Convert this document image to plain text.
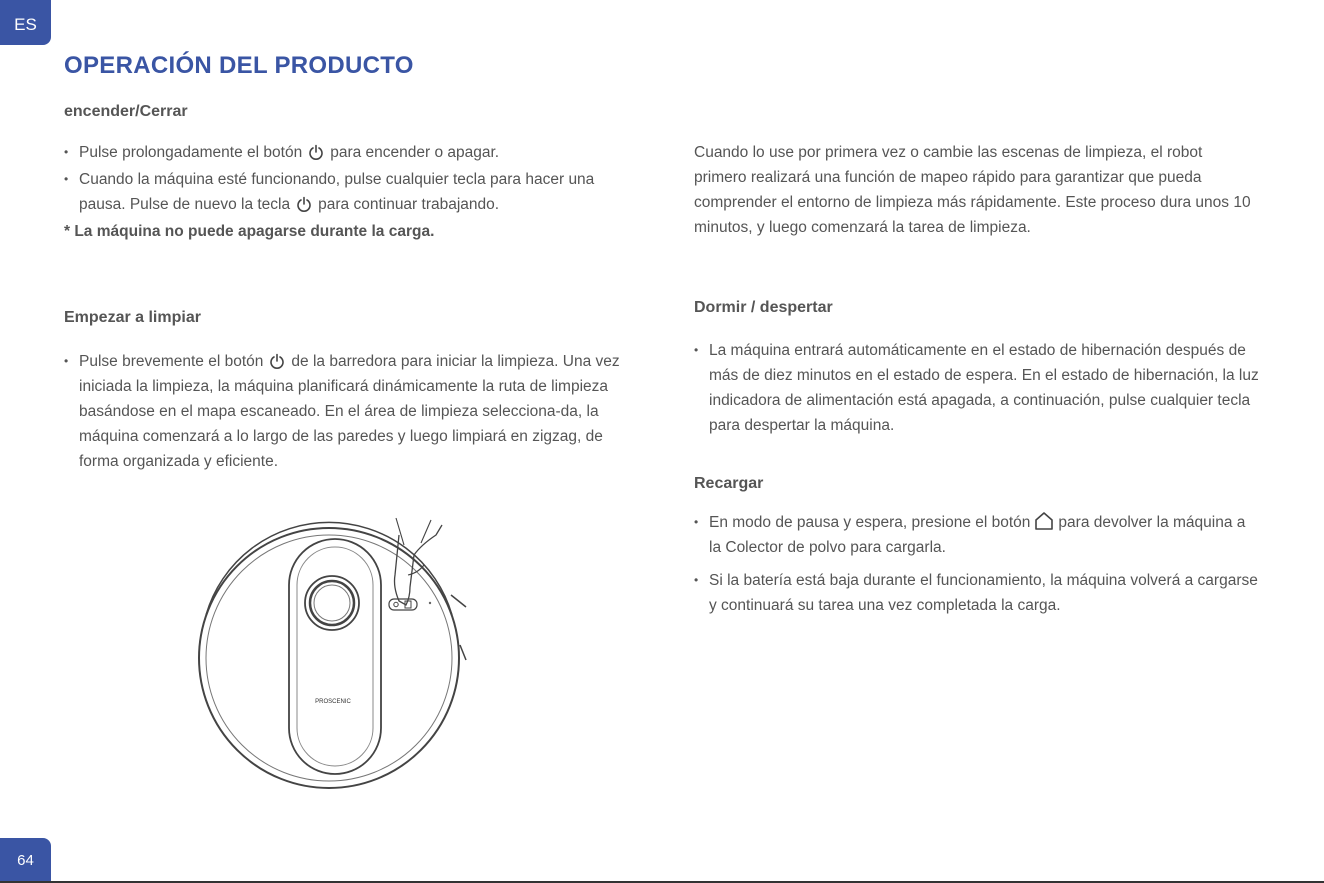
ES
OPERACIÓN DEL PRODUCTO
encender/Cerrar

• Pulse prolongadamente el botón para encender o apagar.

• Cuando la máquina esté funcionando, pulse cualquier tecla para hacer una pausa. Pulse de nuevo la tecla para continuar trabajando.

* La máquina no puede apagarse durante la carga.

Empezar a limpiar

• Pulse brevemente el botón de la barredora para iniciar la limpieza. Una vez iniciada la limpieza, la máquina planificará dinámicamente la ruta de limpieza basándose en el mapa escaneado. En el área de limpieza selecciona-da, la máquina comenzará a lo largo de las paredes y luego limpiará en zigzag, de forma organizada y eficiente.

PROSCENIC

Cuando lo use por primera vez o cambie las escenas de limpieza, el robot primero realizará una función de mapeo rápido para garantizar que pueda comprender el entorno de limpieza más rápidamente. Este proceso dura unos 10 minutos, y luego comenzará la tarea de limpieza.

Dormir / despertar

• La máquina entrará automáticamente en el estado de hibernación después de más de diez minutos en el estado de espera. En el estado de hibernación, la luz indicadora de alimentación está apagada, a continuación, pulse cualquier tecla para despertar la máquina.

Recargar

• En modo de pausa y espera, presione el botón para devolver la máquina a la Colector de polvo para cargarla.

• Si la batería está baja durante el funcionamiento, la máquina volverá a cargarse y continuará su tarea una vez completada la carga.

64
